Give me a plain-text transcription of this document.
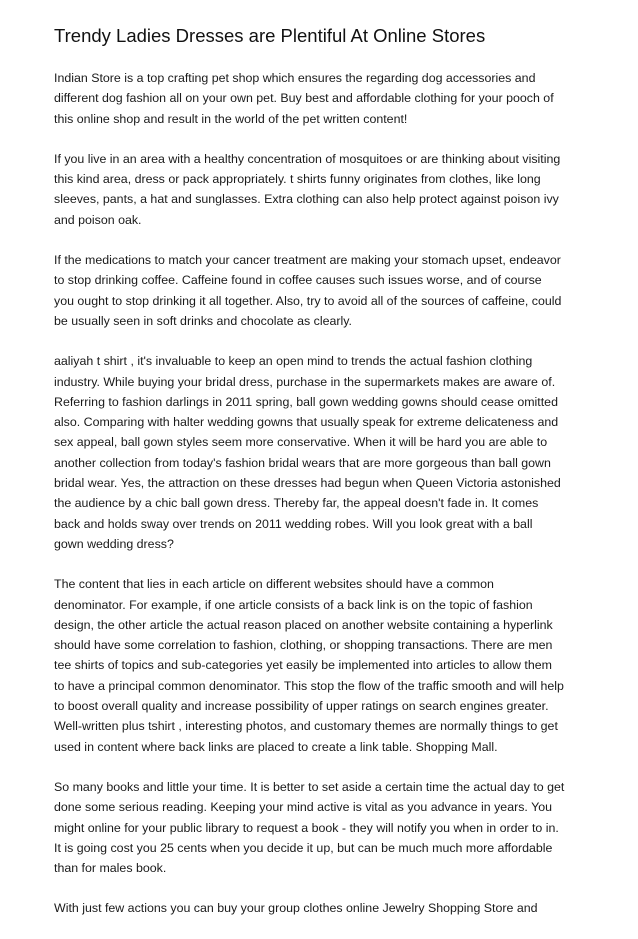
Trendy Ladies Dresses are Plentiful At Online Stores

Indian Store is a top crafting pet shop which ensures the regarding dog accessories and
different dog fashion all on your own pet. Buy best and affordable clothing for your pooch of
this online shop and result in the world of the pet written content!

If you live in an area with a healthy concentration of mosquitoes or are thinking about visiting
this kind area, dress or pack appropriately. t shirts funny originates from clothes, like long
sleeves, pants, a hat and sunglasses. Extra clothing can also help protect against poison ivy
and poison oak.

If the medications to match your cancer treatment are making your stomach upset, endeavor
to stop drinking coffee. Caffeine found in coffee causes such issues worse, and of course
you ought to stop drinking it all together. Also, try to avoid all of the sources of caffeine, could
be usually seen in soft drinks and chocolate as clearly.

aaliyah t shirt , it's invaluable to keep an open mind to trends the actual fashion clothing
industry. While buying your bridal dress, purchase in the supermarkets makes are aware of.
Referring to fashion darlings in 2011 spring, ball gown wedding gowns should cease omitted
also. Comparing with halter wedding gowns that usually speak for extreme delicateness and
sex appeal, ball gown styles seem more conservative. When it will be hard you are able to
another collection from today's fashion bridal wears that are more gorgeous than ball gown
bridal wear. Yes, the attraction on these dresses had begun when Queen Victoria astonished
the audience by a chic ball gown dress. Thereby far, the appeal doesn't fade in. It comes
back and holds sway over trends on 2011 wedding robes. Will you look great with a ball
gown wedding dress?

The content that lies in each article on different websites should have a common
denominator. For example, if one article consists of a back link is on the topic of fashion
design, the other article the actual reason placed on another website containing a hyperlink
should have some correlation to fashion, clothing, or shopping transactions. There are men
tee shirts of topics and sub-categories yet easily be implemented into articles to allow them
to have a principal common denominator. This stop the flow of the traffic smooth and will help
to boost overall quality and increase possibility of upper ratings on search engines greater.
Well-written plus tshirt , interesting photos, and customary themes are normally things to get
used in content where back links are placed to create a link table. Shopping Mall.

So many books and little your time. It is better to set aside a certain time the actual day to get
done some serious reading. Keeping your mind active is vital as you advance in years. You
might online for your public library to request a book - they will notify you when in order to in.
It is going cost you 25 cents when you decide it up, but can be much much more affordable
than for males book.

With just few actions you can buy your group clothes online Jewelry Shopping Store and
